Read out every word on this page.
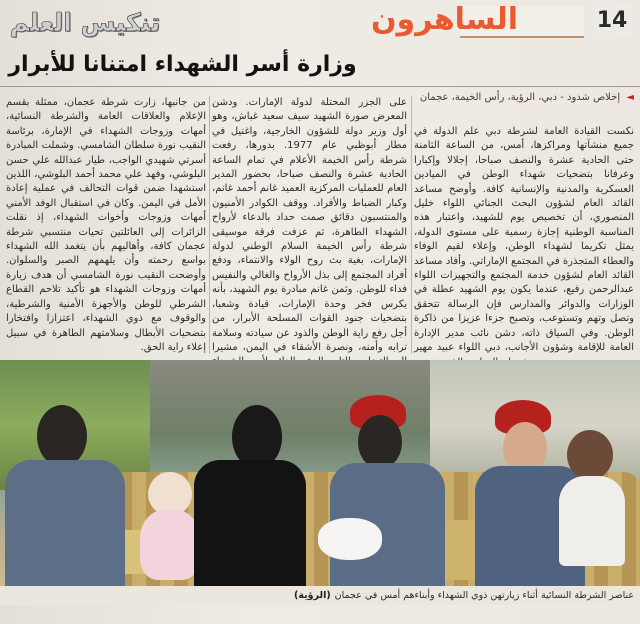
14
الساهرون
تنكيس العلم
وزارة أسر الشهداء امتنانا للأبرار
◄ إخلاص شدود - دبي، الرؤية، رأس الخيمة، عجمان

نكست القيادة العامة لشرطة دبي علم الدولة في جميع منشآتها ومراكزها، أمس، من الساعة الثامنة حتى الحادية عشرة والنصف صباحا، إجلالا وإكبارا وعرفانا بتضحيات شهداء الوطن في الميادين العسكرية والمدنية والإنسانية كافة. وأوضح مساعد القائد العام لشؤون البحث الجنائي اللواء خليل المنصوري، أن تخصيص يوم للشهيد، واعتبار هذه المناسبة الوطنية إجازة رسمية على مستوى الدولة، يمثل تكريما لشهداء الوطن، وإعلاء لقيم الوفاء والعطاء المتجذرة في المجتمع الإماراتي. وأفاد مساعد القائد العام لشؤون خدمة المجتمع والتجهيزات اللواء عبدالرحمن رفيع، عندما يكون يوم الشهيد عطلة في الوزارات والدوائر والمدارس فإن الرسالة تتحقق وتصل وتهم وتستوعب، وتصبح جزءا عزيزا من ذاكرة الوطن. وفي السياق ذاته، دشن نائب مدير الإدارة العامة للإقامة وشؤون الأجانب، دبي اللواء عبيد مهير

على الجزر المحتلة لدولة الإمارات. ودشن المعرض صورة الشهيد سيف سعيد غباش، وهو أول وزير دولة للشؤون الخارجية، واغتيل في مطار أبوظبي عام 1977. بدورها، رفعت شرطة رأس الخيمة الأعلام في تمام الساعة الحادية عشرة والنصف صباحا، بحضور المدير العام للعمليات المركزية العميد غانم أحمد غانم، وكبار الضباط والأفراد. ووقف الكوادر الأمنيون والمنتسبون دقائق صمت حداد بالدعاء لأرواح الشهداء الطاهرة، ثم عزفت فرقة موسيقى شرطة رأس الخيمة السلام الوطني لدولة الإمارات، بغية بث روح الولاء والانتماء، ودفع أفراد المجتمع إلى بذل الأرواح والغالي والنفيس فداء للوطن. وثمن غانم مبادرة يوم الشهيد، بأنه يكرس فخر وحدة الإمارات، قيادة وشعبا، بتضحيات جنود القوات المسلحة الأبرار، من أجل رفع راية الوطن والذود عن سيادته وسلامة ترابه وأمنه، ونصرة الأشقاء في اليمن، مشيرا

من جانبها، زارت شرطة عجمان، ممثلة بقسم الإعلام والعلاقات العامة والشرطة النسائية، أمهات وزوجات الشهداء في الإمارة، برئاسة النقيب نورة سلطان الشامسي. وشملت المبادرة أسرتي شهيدي الواجب، طيار عبدالله علي حسن البلوشي، وفهد علي محمد أحمد البلوشي، اللذين استشهدا ضمن قوات التحالف في عملية إعادة الأمل في اليمن. وكان في استقبال الوفد الأمني أمهات وزوجات وأخوات الشهداء، إذ نقلت الزائرات إلى العائلتين تحيات منتسبي شرطة عجمان كافة، وأهاليهم بأن يتغمد الله الشهداء بواسع رحمته وأن يلهمهم الصبر والسلوان. وأوضحت النقيب نورة الشامسي أن هدف زيارة أمهات وزوجات الشهداء هو تأكيد تلاحم القطاع الشرطي للوطن والأجهزة الأمنية والشرطية، والوقوف مع ذوي الشهداء، اعتزازا وافتخارا بتضحيات الأبطال وسلامتهم الطاهرة في سبيل إعلاء راية الحق.

عناصر الشرطة النسائية أثناء زيارتهن ذوي الشهداء وأبناءهم أمس في عجمان
(الرؤية)
